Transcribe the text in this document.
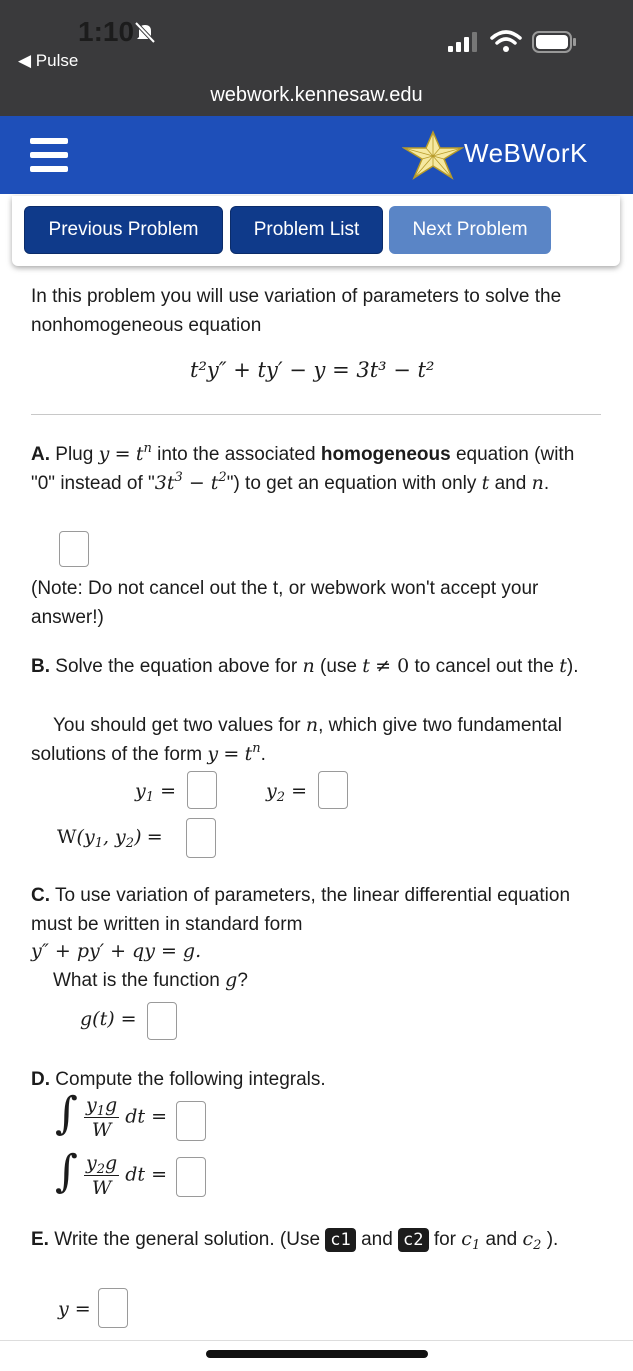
1:10
◀ Pulse
webwork.kennesaw.edu
WeBWorK
Previous Problem	Problem List	Next Problem
In this problem you will use variation of parameters to solve the nonhomogeneous equation
t²y″ + ty′ − y = 3t³ − t²
A. Plug $y = t^n$ into the associated homogeneous equation (with "0" instead of "$3t^3$ − $t^2$") to get an equation with only t and n.
(Note: Do not cancel out the t, or webwork won't accept your answer!)
B. Solve the equation above for n (use t ≠ 0 to cancel out the t).
You should get two values for n, which give two fundamental solutions of the form $y = t^n$.
$y_1$ =	$y_2$ =
$W(y_1$, $y_2$) =
C. To use variation of parameters, the linear differential equation must be written in standard form
y″ + py′ + qy = g.
What is the function g?
g(t) =
D. Compute the following integrals.
∫ $\frac{y_1g}{W}$ dt =
∫ $\frac{y_2g}{W}$ dt =
E. Write the general solution. (Use c1 and c2 for $c_1$ and $c_2$ ).
y =
